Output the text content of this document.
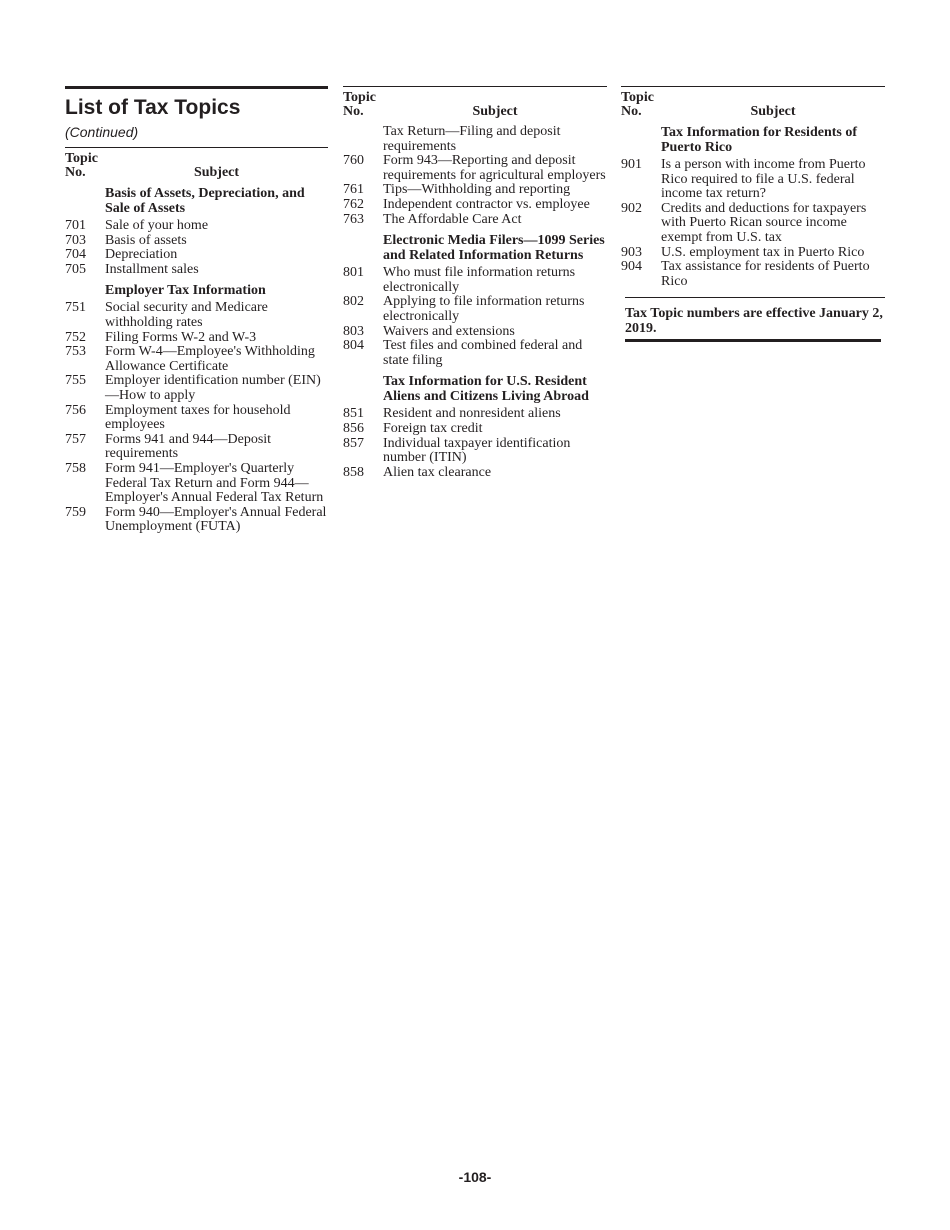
List of Tax Topics
(Continued)
Topic
No.	Subject
Basis of Assets, Depreciation, and Sale of Assets
701	Sale of your home
703	Basis of assets
704	Depreciation
705	Installment sales
Employer Tax Information
751	Social security and Medicare withholding rates
752	Filing Forms W-2 and W-3
753	Form W-4—Employee's Withholding Allowance Certificate
755	Employer identification number (EIN)—How to apply
756	Employment taxes for household employees
757	Forms 941 and 944—Deposit requirements
758	Form 941—Employer's Quarterly Federal Tax Return and Form 944—Employer's Annual Federal Tax Return
759	Form 940—Employer's Annual Federal Unemployment (FUTA)
Topic
No.	Subject
Tax Return—Filing and deposit requirements
760	Form 943—Reporting and deposit requirements for agricultural employers
761	Tips—Withholding and reporting
762	Independent contractor vs. employee
763	The Affordable Care Act
Electronic Media Filers—1099 Series and Related Information Returns
801	Who must file information returns electronically
802	Applying to file information returns electronically
803	Waivers and extensions
804	Test files and combined federal and state filing
Tax Information for U.S. Resident Aliens and Citizens Living Abroad
851	Resident and nonresident aliens
856	Foreign tax credit
857	Individual taxpayer identification number (ITIN)
858	Alien tax clearance
Topic
No.	Subject
Tax Information for Residents of Puerto Rico
901	Is a person with income from Puerto Rico required to file a U.S. federal income tax return?
902	Credits and deductions for taxpayers with Puerto Rican source income exempt from U.S. tax
903	U.S. employment tax in Puerto Rico
904	Tax assistance for residents of Puerto Rico
Tax Topic numbers are effective January 2, 2019.
-108-
